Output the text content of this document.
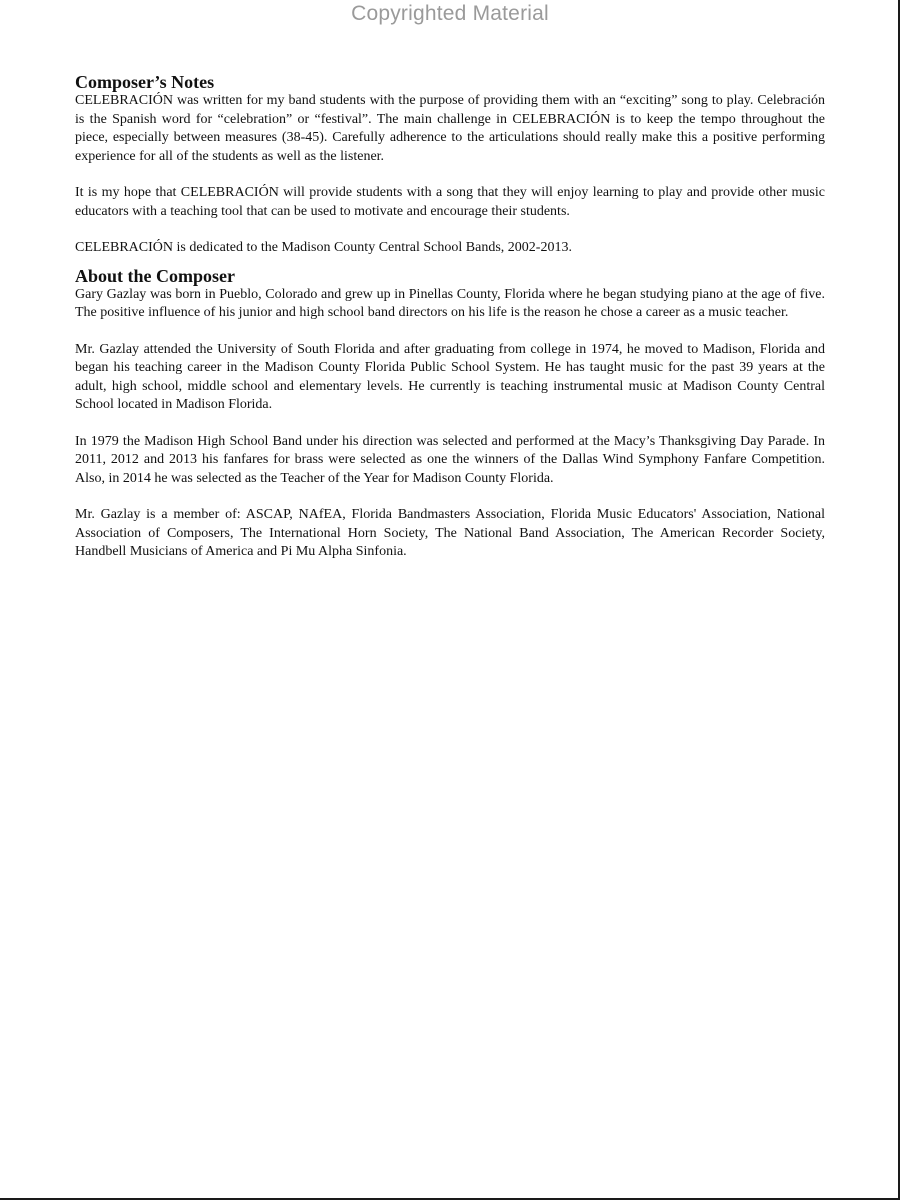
Copyrighted Material
Composer’s Notes

CELEBRACIÓN was written for my band students with the purpose of providing them with an “exciting” song to play. Celebración is the Spanish word for “celebration” or “festival”. The main challenge in CELEBRACIÓN is to keep the tempo throughout the piece, especially between measures (38-45). Carefully adherence to the articulations should really make this a positive performing experience for all of the students as well as the listener.

It is my hope that CELEBRACIÓN will provide students with a song that they will enjoy learning to play and provide other music educators with a teaching tool that can be used to motivate and encourage their students.

CELEBRACIÓN is dedicated to the Madison County Central School Bands, 2002-2013.

About the Composer

Gary Gazlay was born in Pueblo, Colorado and grew up in Pinellas County, Florida where he began studying piano at the age of five. The positive influence of his junior and high school band directors on his life is the reason he chose a career as a music teacher.

Mr. Gazlay attended the University of South Florida and after graduating from college in 1974, he moved to Madison, Florida and began his teaching career in the Madison County Florida Public School System. He has taught music for the past 39 years at the adult, high school, middle school and elementary levels. He currently is teaching instrumental music at Madison County Central School located in Madison Florida.

In 1979 the Madison High School Band under his direction was selected and performed at the Macy’s Thanksgiving Day Parade. In 2011, 2012 and 2013 his fanfares for brass were selected as one the winners of the Dallas Wind Symphony Fanfare Competition. Also, in 2014 he was selected as the Teacher of the Year for Madison County Florida.

Mr. Gazlay is a member of: ASCAP, NAfEA, Florida Bandmasters Association, Florida Music Educators' Association, National Association of Composers, The International Horn Society, The National Band Association, The American Recorder Society, Handbell Musicians of America and Pi Mu Alpha Sinfonia.
